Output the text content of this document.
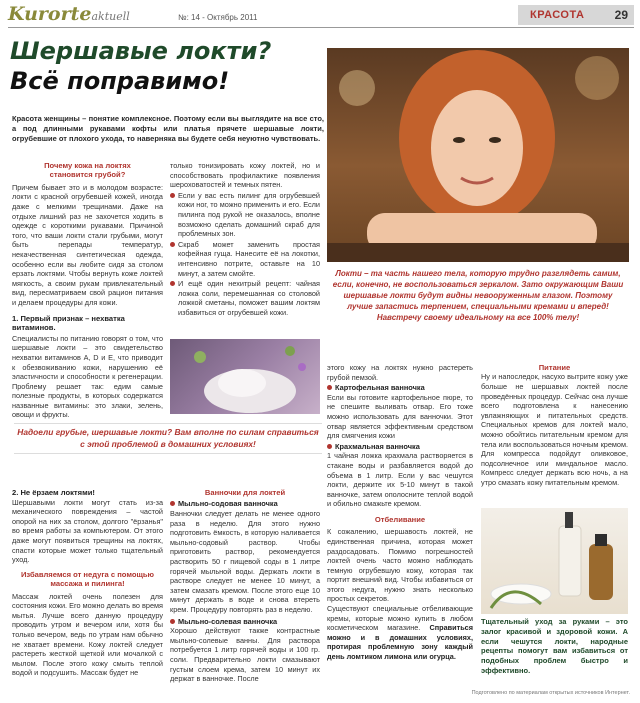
Kurorteaktuell	№: 14 - Октябрь 2011	КРАСОТА	29
Шершавые локти?
Всё поправимо!
Красота женщины – понятие комплексное. Поэтому если вы выглядите на все сто, а под длинными рукавами кофты или платья прячете шершавые локти, огрубевшие от плохого ухода, то наверняка вы будете себя неуютно чувствовать.
Локти – та часть нашего тела, которую трудно разглядеть самим, если, конечно, не воспользоваться зеркалом. Зато окружающим Ваши шершавые локти будут видны невооруженным глазом. Поэтому лучше запастись терпением, специальными кремами и вперед! Навстречу своему идеальному на все 100% телу!
Почему кожа на локтях становится грубой?
Причем бывает это и в молодом возрасте: локти с красной огрубевшей кожей, иногда даже с мелкими трещинами. Даже на отдыхе лишний раз не захочется ходить в одежде с короткими рукавами. Причиной того, что ваши локти стали грубыми, могут быть перепады температур, некачественная синтетическая одежда, особенно если вы любите сидя за столом ерзать локтями. Чтобы вернуть коже локтей мягкость, а своим рукам привлекательный вид, пересматриваем свой рацион питания и делаем процедуры для кожи.
1. Первый признак – нехватка витаминов.
Специалисты по питанию говорят о том, что шершавые локти – это свидетельство нехватки витаминов А, D и Е, что приводит к обезвоживанию кожи, нарушению её эластичности и способности к регенерации. Проблему решает так: едим самые полезные продукты, в которых содержатся названные витамины: это злаки, зелень, овощи и фрукты.
только тонизировать кожу локтей, но и способствовать профилактике появления шероховатостей и темных пятен.
Если у вас есть пилинг для огрубевшей кожи ног, то можно применить и его. Если пилинга под рукой не оказалось, вполне возможно сделать домашний скраб для проблемных зон.
Скраб может заменить простая кофейная гуща. Нанесите её на локотки, интенсивно потрите, оставьте на 10 минут, а затем смойте.
И ещё один нехитрый рецепт: чайная ложка соли, перемешанная со столовой ложкой сметаны, поможет вашим локтям избавиться от огрубевшей кожи.
Надоели грубые, шершавые локти? Вам вполне по силам справиться с этой проблемой в домашних условиях!
2. Не ёрзаем локтями!
Шершавыми локти могут стать из-за механического повреждения – частой опорой на них за столом, долгого "ёрзанья" во время работы за компьютером. От этого даже могут появиться трещины на локтях, спасти которые может только тщательный уход.
Избавляемся от недуга с помощью массажа и пилинга!
Массаж локтей очень полезен для состояния кожи. Его можно делать во время мытья. Лучше всего данную процедуру проводить утром и вечером или, хотя бы только вечером, ведь по утрам нам обычно не хватает времени. Кожу локтей следует растереть жесткой щеткой или мочалкой с мылом. После этого кожу смыть теплой водой и подсушить. Массаж будет не
Ванночки для локтей
Мыльно-содовая ванночка
Ванночки следует делать не менее одного раза в неделю. Для этого нужно подготовить ёмкость, в которую наливается мыльно-содовый раствор. Чтобы приготовить раствор, рекомендуется растворить 50 г пищевой соды в 1 литре горячей мыльной воды. Держать локти в растворе следует не менее 10 минут, а затем смазать кремом. После этого еще 10 минут держать в воде и снова втереть крем. Процедуру повторять раз в неделю.
Мыльно-солевая ванночка
Хорошо действуют также контрастные мыльно-солевые ванны. Для раствора потребуется 1 литр горячей воды и 100 гр. соли. Предварительно локти смазывают густым слоем крема, затем 10 минут их держат в ванночке. После
этого кожу на локтях нужно растереть грубой пемзой.
Картофельная ванночка
Если вы готовите картофельное пюре, то не спешите выливать отвар. Его тоже можно использовать для ванночки. Этот отвар является эффективным средством для смягчения кожи
Крахмальная ванночка
1 чайная ложка крахмала растворяется в стакане воды и разбавляется водой до объема в 1 литр. Если у вас чешутся локти, держите их 5-10 минут в такой ванночке, затем ополосните теплой водой и обильно смажьте кремом.
Отбеливание
К сожалению, шершавость локтей, не единственная причина, которая может раздосадовать. Помимо погрешностей локтей очень часто можно наблюдать темную огрубевшую кожу, которая так портит внешний вид. Чтобы избавиться от этого недуга, нужно знать несколько простых секретов.
Существуют специальные отбеливающие кремы, которые можно купить в любом косметическом магазине. Справиться можно и в домашних условиях, протирая проблемную зону каждый день ломтиком лимона или огурца.
Питание
Ну и напоследок, насухо вытрите кожу уже больше не шершавых локтей после проведённых процедур. Сейчас она лучше всего подготовлена к нанесению увлажняющих и питательных средств. Специальных кремов для локтей мало, можно обойтись питательным кремом для тела или воспользоваться ночным кремом. Для компресса подойдут оливковое, подсолнечное или миндальное масло. Компресс следует держать всю ночь, а на утро смазать кожу питательным кремом.
Тщательный уход за руками – это залог красивой и здоровой кожи. А если чешутся локти, народные рецепты помогут вам избавиться от подобных проблем быстро и эффективно.
Подготовлено по материалам открытых источников Интернет.
